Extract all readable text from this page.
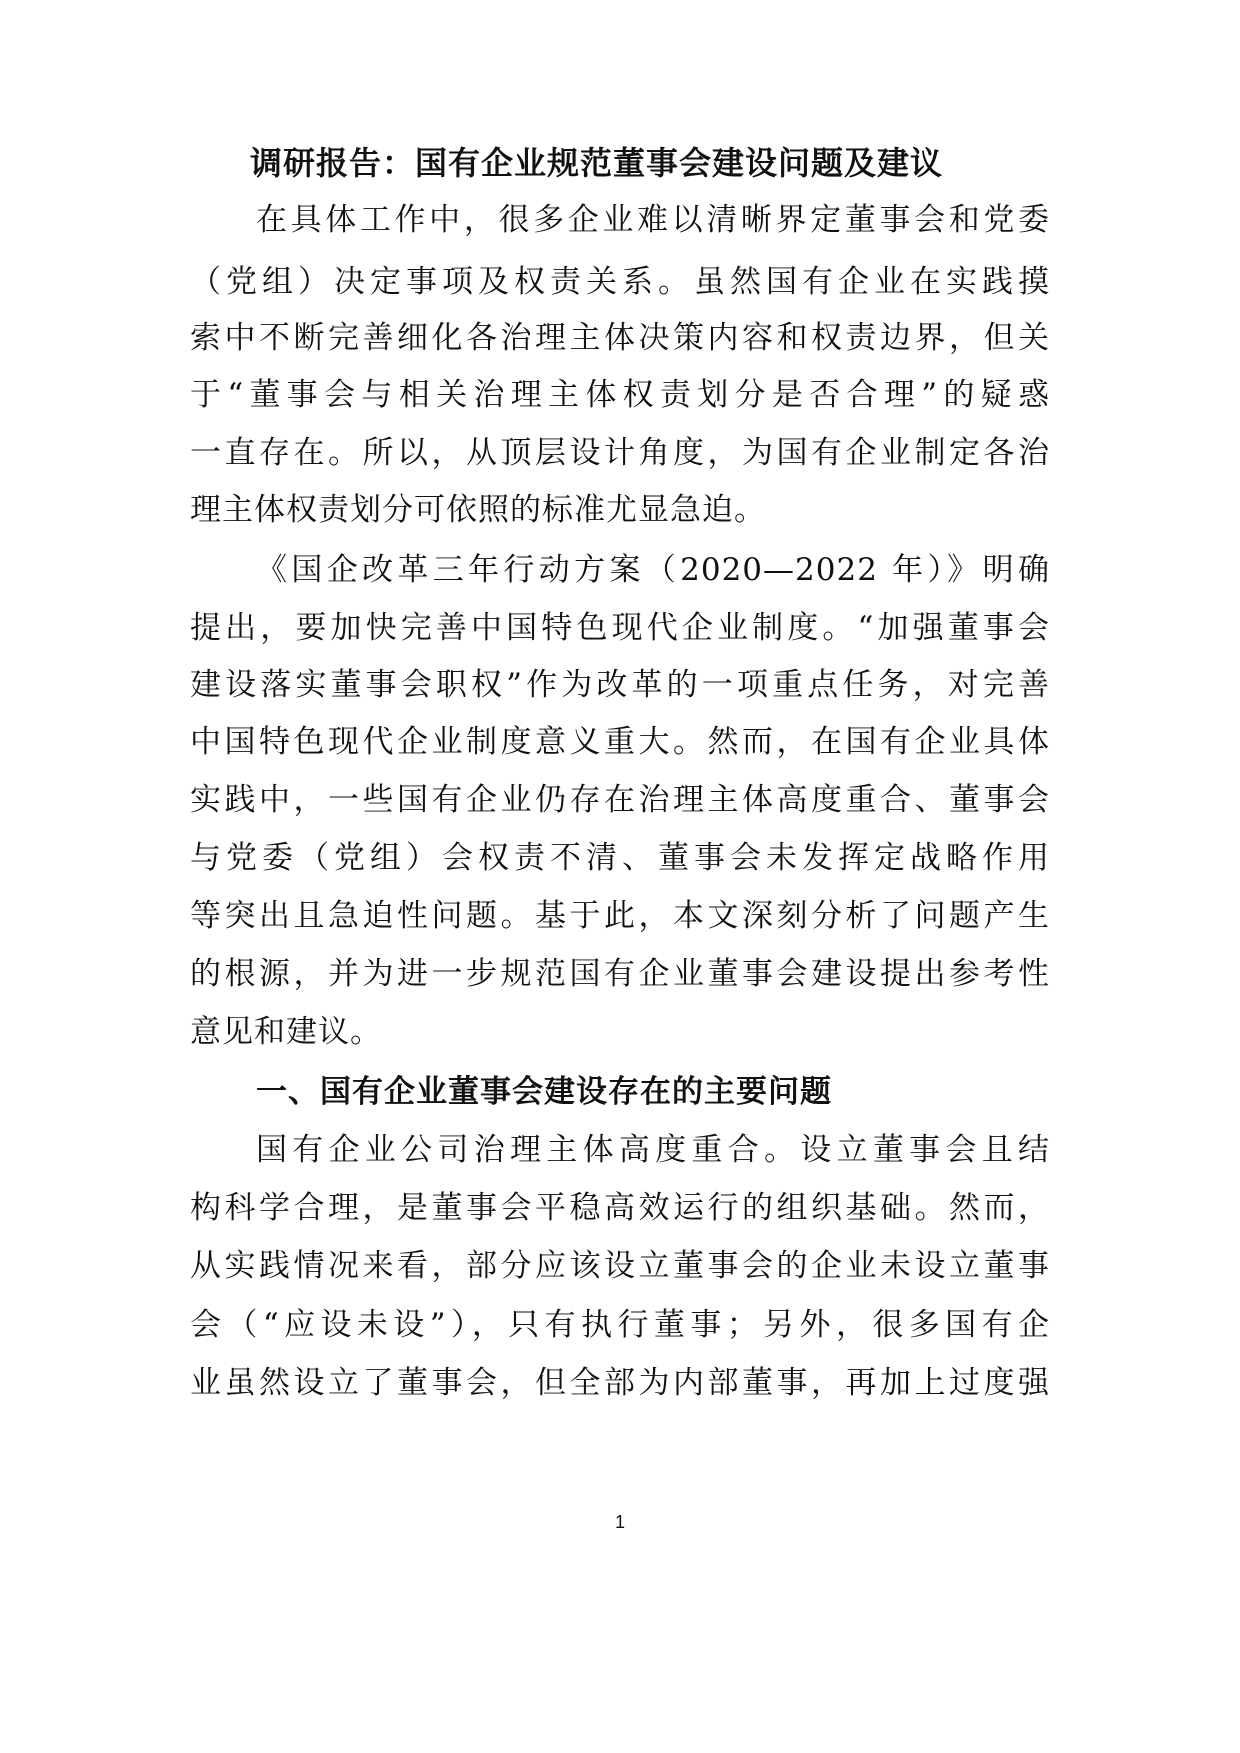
调研报告：国有企业规范董事会建设问题及建议
在具体工作中，很多企业难以清晰界定董事会和党委
（党组）决定事项及权责关系。虽然国有企业在实践摸
索中不断完善细化各治理主体决策内容和权责边界，但关
于“董事会与相关治理主体权责划分是否合理”的疑惑
一直存在。所以，从顶层设计角度，为国有企业制定各治
理主体权责划分可依照的标准尤显急迫。
《国企改革三年行动方案（2020—2022 年）》明确
提出，要加快完善中国特色现代企业制度。“加强董事会
建设落实董事会职权”作为改革的一项重点任务，对完善
中国特色现代企业制度意义重大。然而，在国有企业具体
实践中，一些国有企业仍存在治理主体高度重合、董事会
与党委（党组）会权责不清、董事会未发挥定战略作用
等突出且急迫性问题。基于此，本文深刻分析了问题产生
的根源，并为进一步规范国有企业董事会建设提出参考性
意见和建议。
一、国有企业董事会建设存在的主要问题
国有企业公司治理主体高度重合。设立董事会且结
构科学合理，是董事会平稳高效运行的组织基础。然而，
从实践情况来看，部分应该设立董事会的企业未设立董事
会（“应设未设”），只有执行董事；另外，很多国有企
业虽然设立了董事会，但全部为内部董事，再加上过度强
1
